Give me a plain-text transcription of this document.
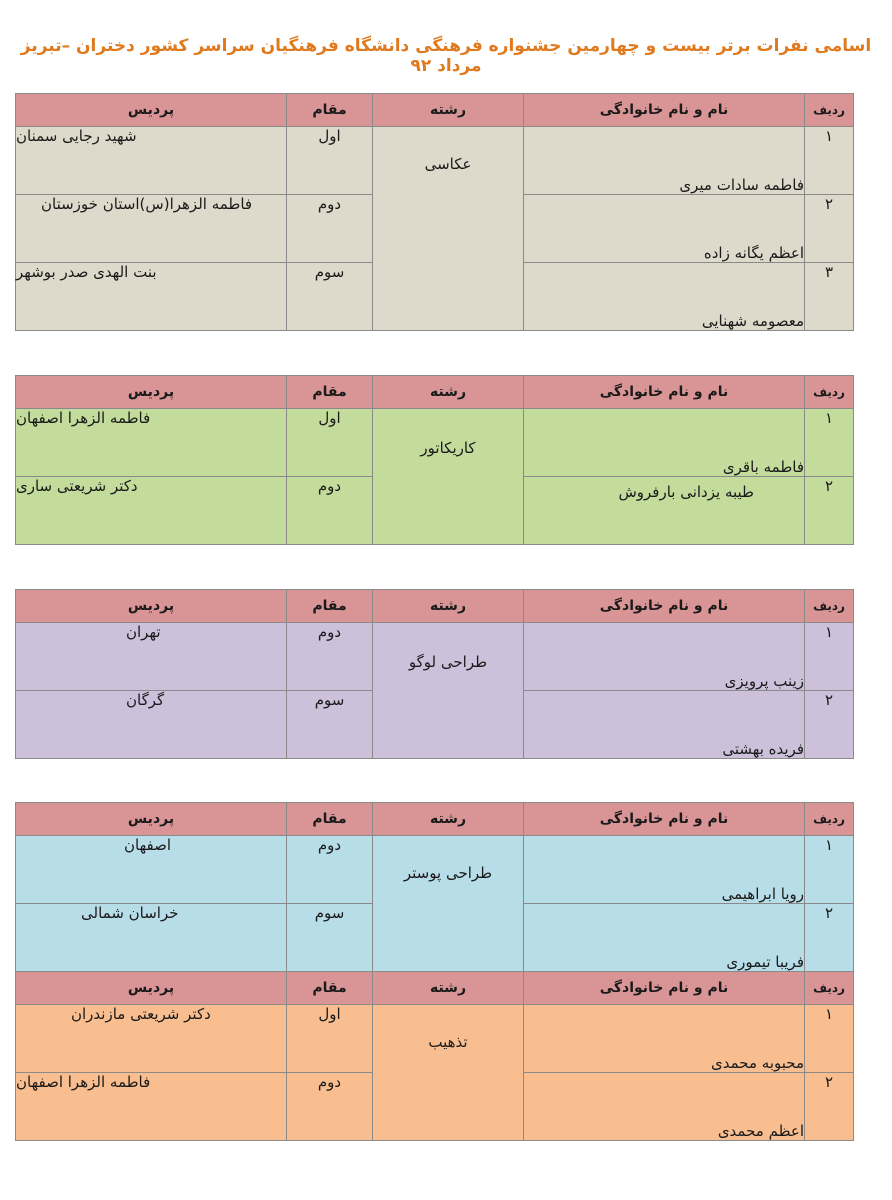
اسامی نفرات برتر بیست و چهارمین جشنواره فرهنگی دانشگاه فرهنگیان سراسر کشور دختران –تبریز مرداد ۹۲
ردیف	نام و نام خانوادگی	رشته	مقام	پردیس
۱	فاطمه سادات میری	عکاسی	اول	شهید رجایی سمنان
۲	اعظم یگانه زاده		دوم	فاطمه الزهرا(س)استان خوزستان
۳	معصومه شهنایی		سوم	بنت الهدی صدر بوشهر
ردیف	نام و نام خانوادگی	رشته	مقام	پردیس
۱	فاطمه باقری	کاریکاتور	اول	فاطمه الزهرا اصفهان
۲	طیبه یزدانی بارفروش		دوم	دکتر شریعتی ساری
ردیف	نام و نام خانوادگی	رشته	مقام	پردیس
۱	زینب پرویزی	طراحی لوگو	دوم	تهران
۲	فریده بهشتی		سوم	گرگان
ردیف	نام و نام خانوادگی	رشته	مقام	پردیس
۱	رویا ابراهیمی	طراحی پوستر	دوم	اصفهان
۲	فریبا تیموری		سوم	خراسان شمالی
ردیف	نام و نام خانوادگی	رشته	مقام	پردیس
۱	محبوبه محمدی	تذهیب	اول	دکتر شریعتی مازندران
۲	اعظم محمدی		دوم	فاطمه الزهرا اصفهان
